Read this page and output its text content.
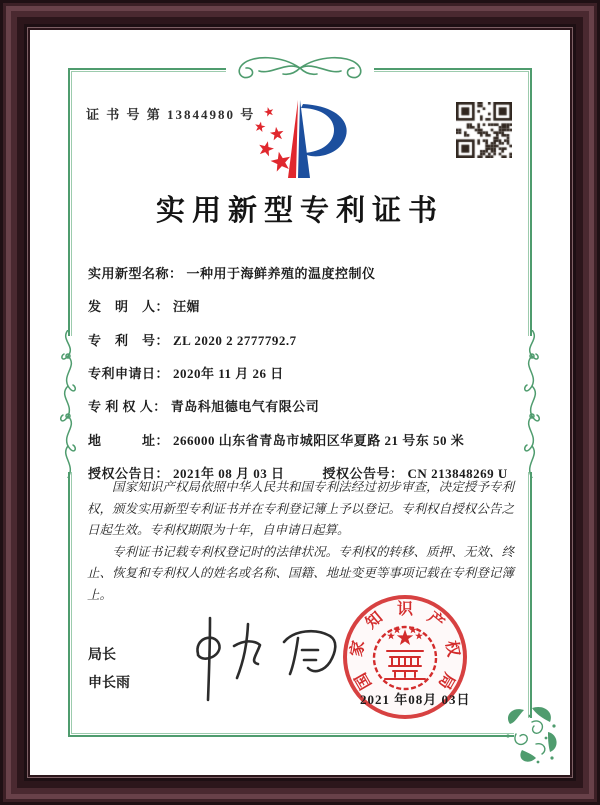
证 书 号 第 13844980 号
实用新型专利证书
实用新型名称： 一种用于海鲜养殖的温度控制仪
发　明　人： 汪媚
专　利　号： ZL 2020 2 2777792.7
专利申请日： 2020年 11 月 26 日
专 利 权 人： 青岛科旭德电气有限公司
地　　　址： 266000 山东省青岛市城阳区华夏路 21 号东 50 米
授权公告日： 2021年 08 月 03 日	授权公告号： CN 213848269 U

国家知识产权局依照中华人民共和国专利法经过初步审查，决定授予专利权，颁发实用新型专利证书并在专利登记簿上予以登记。专利权自授权公告之日起生效。专利权期限为十年，自申请日起算。

专利证书记载专利权登记时的法律状况。专利权的转移、质押、无效、终止、恢复和专利权人的姓名或名称、国籍、地址变更等事项记载在专利登记簿上。

局长
申长雨	国
家
知 识 产
权
局
2021 年08月 03日
